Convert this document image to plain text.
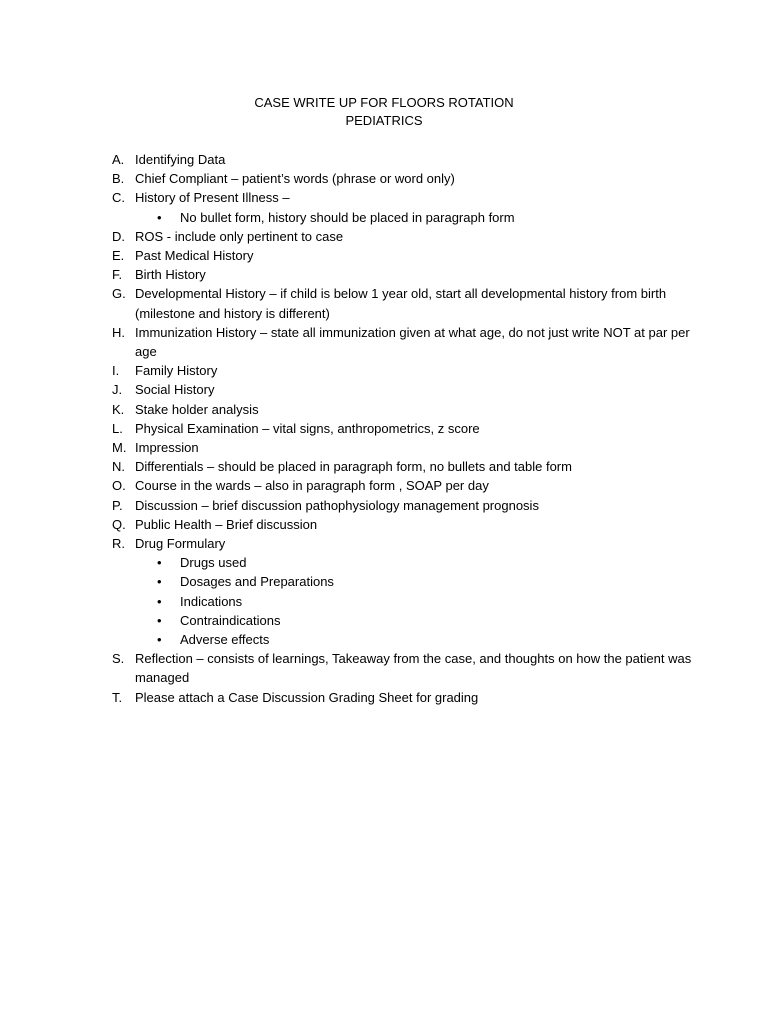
CASE WRITE UP FOR FLOORS ROTATION
PEDIATRICS
A. Identifying Data
B. Chief Compliant – patient’s words (phrase or word only)
C. History of Present Illness –
• No bullet form, history should be placed in paragraph form
D. ROS - include only pertinent to case
E. Past Medical History
F. Birth History
G. Developmental History – if child is below 1 year old, start all developmental history from birth (milestone and history is different)
H. Immunization History – state all immunization given at what age, do not just write NOT at par per age
I. Family History
J. Social History
K. Stake holder analysis
L. Physical Examination – vital signs, anthropometrics, z score
M. Impression
N. Differentials – should be placed in paragraph form, no bullets and table form
O. Course in the wards – also in paragraph form , SOAP per day
P. Discussion – brief discussion pathophysiology management prognosis
Q. Public Health – Brief discussion
R. Drug Formulary
• Drugs used
• Dosages and Preparations
• Indications
• Contraindications
• Adverse effects
S. Reflection – consists of learnings, Takeaway from the case, and thoughts on how the patient was managed
T. Please attach a Case Discussion Grading Sheet for grading
